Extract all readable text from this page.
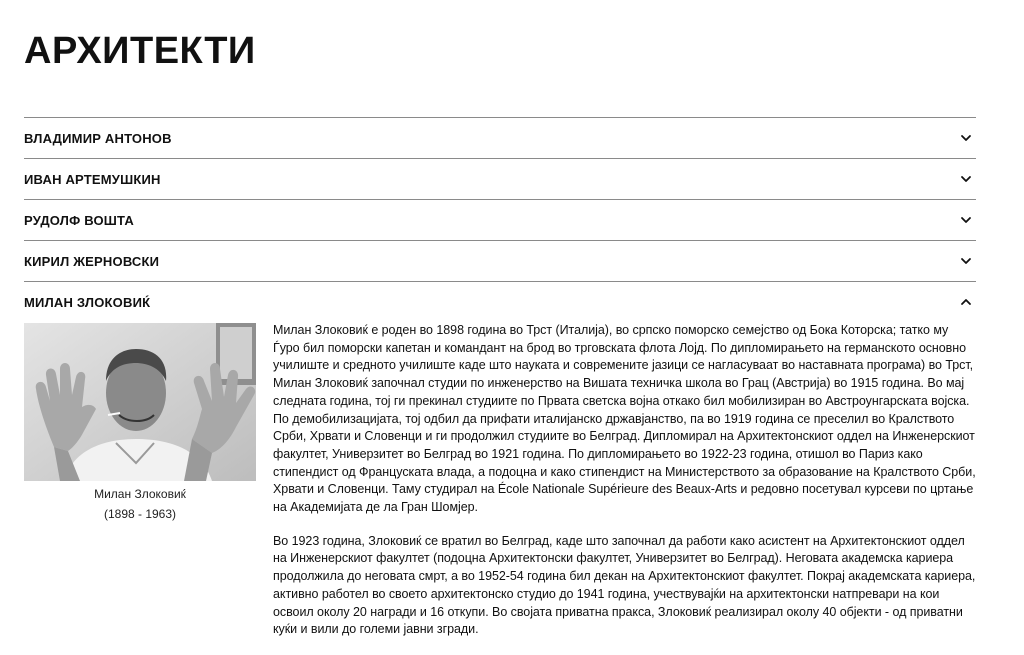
АРХИТЕКТИ
ВЛАДИМИР АНТОНОВ
ИВАН АРТЕМУШКИН
РУДОЛФ ВОШТА
КИРИЛ ЖЕРНОВСКИ
МИЛАН ЗЛОКОВИЌ
Милан Злоковиќ
(1898 - 1963)

Милан Злоковиќ е роден во 1898 година во Трст (Италија), во српско поморско семејство од Бока Которска; татко му Ѓуро бил поморски капетан и командант на брод во трговската флота Лојд. По дипломирањето на германското основно училиште и средното училиште каде што науката и современите јазици се нагласуваат во наставната програма) во Трст, Милан Злоковиќ започнал студии по инженерство на Вишата техничка школа во Грац (Австрија) во 1915 година. Во мај следната година, тој ги прекинал студиите по Првата светска војна откако бил мобилизиран во Австроунгарската војска. По демобилизацијата, тој одбил да прифати италијанско државјанство, па во 1919 година се преселил во Кралството Срби, Хрвати и Словенци и ги продолжил студиите во Белград. Дипломирал на Архитектонскиот оддел на Инженерскиот факултет, Универзитет во Белград во 1921 година. По дипломирањето во 1922-23 година, отишол во Париз како стипендист од Француската влада, а подоцна и како стипендист на Министерството за образование на Кралството Срби, Хрвати и Словенци. Таму студирал на École Nationale Supérieure des Beaux-Arts и редовно посетувал курсеви по цртање на Академијата де ла Гран Шомјер.

Во 1923 година, Злоковиќ се вратил во Белград, каде што започнал да работи како асистент на Архитектонскиот оддел на Инженерскиот факултет (подоцна Архитектонски факултет, Универзитет во Белград). Неговата академска кариера продолжила до неговата смрт, а во 1952-54 година бил декан на Архитектонскиот факултет. Покрај академската кариера, активно работел во своето архитектонско студио до 1941 година, учествувајќи на архитектонски натпревари на кои освоил околу 20 награди и 16 откупи. Во својата приватна пракса, Злоковиќ реализирал околу 40 објекти - од приватни куќи и вили до големи јавни згради.
